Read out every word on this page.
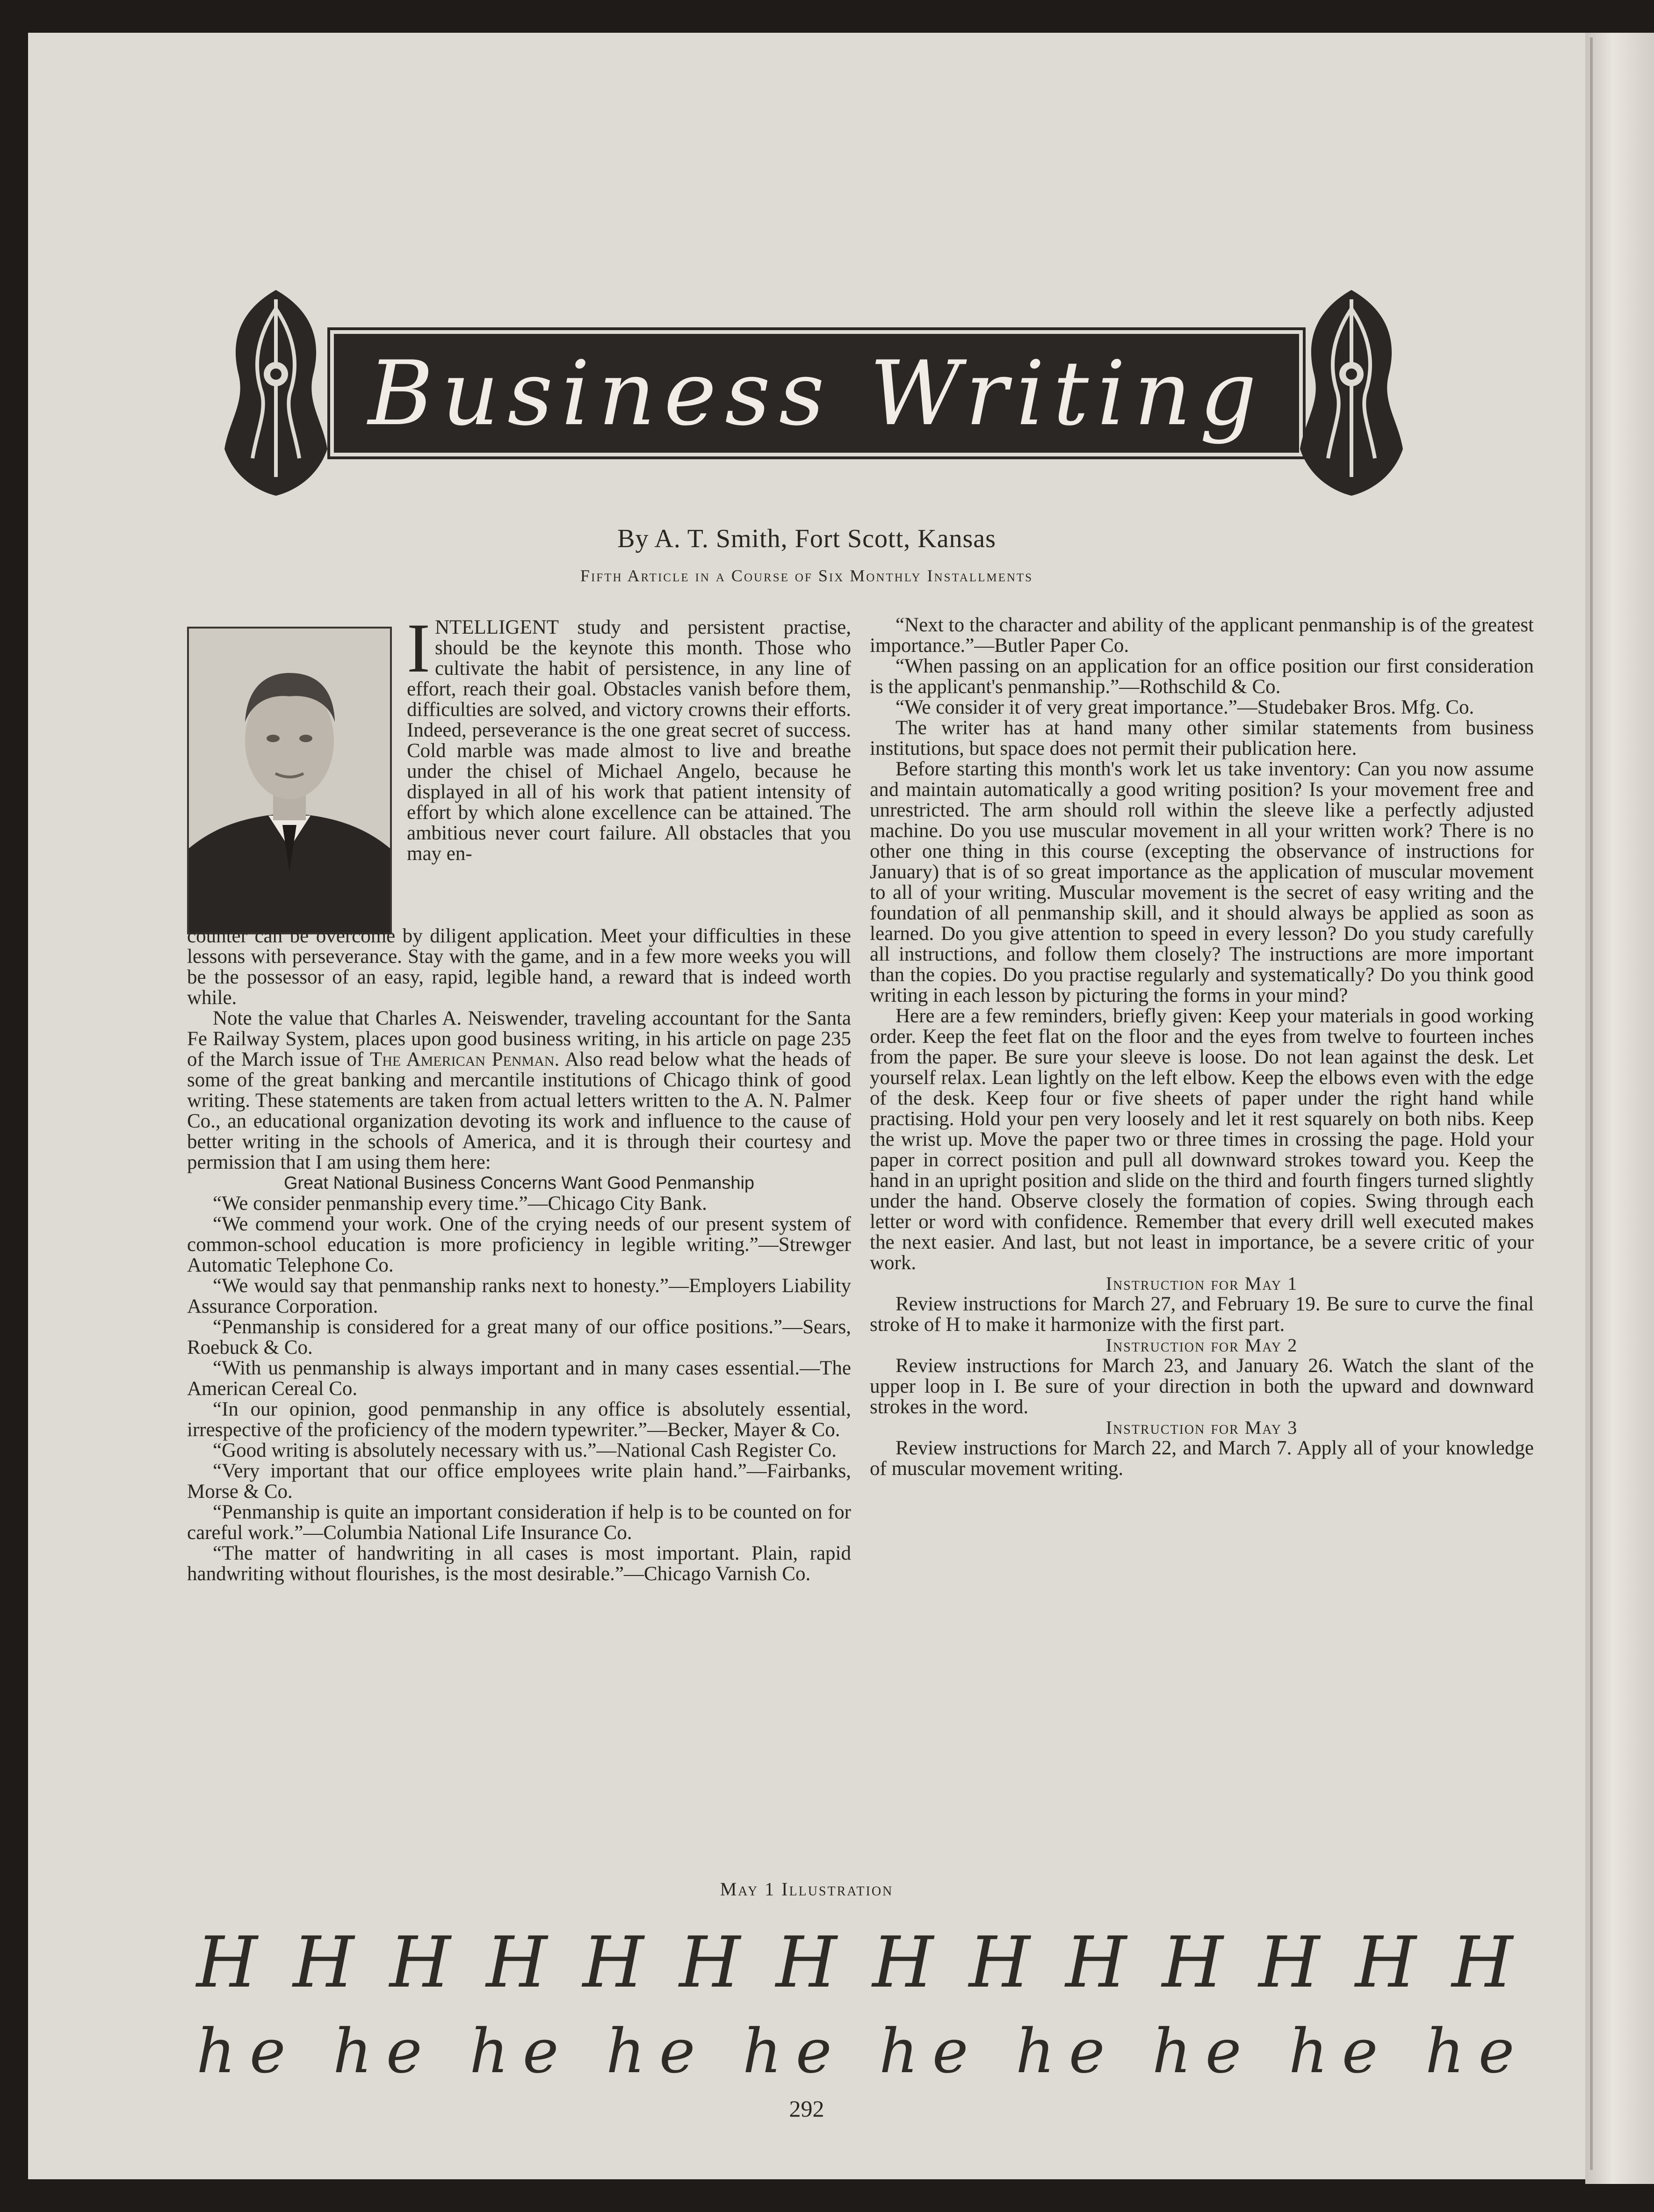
Business Writing
By A. T. Smith, Fort Scott, Kansas
Fifth Article in a Course of Six Monthly Installments

INTELLIGENT study and persistent practise, should be the keynote this month. Those who cultivate the habit of persistence, in any line of effort, reach their goal. Obstacles vanish before them, difficulties are solved, and victory crowns their efforts. Indeed, perseverance is the one great secret of success. Cold marble was made almost to live and breathe under the chisel of Michael Angelo, because he displayed in all of his work that patient intensity of effort by which alone excellence can be attained. The ambitious never court failure. All obstacles that you may en-

counter can be overcome by diligent application. Meet your difficulties in these lessons with perseverance. Stay with the game, and in a few more weeks you will be the possessor of an easy, rapid, legible hand, a reward that is indeed worth while.

Note the value that Charles A. Neiswender, traveling accountant for the Santa Fe Railway System, places upon good business writing, in his article on page 235 of the March issue of The American Penman. Also read below what the heads of some of the great banking and mercantile institutions of Chicago think of good writing. These statements are taken from actual letters written to the A. N. Palmer Co., an educational organization devoting its work and influence to the cause of better writing in the schools of America, and it is through their courtesy and permission that I am using them here:

Great National Business Concerns Want Good Penmanship

“We consider penmanship every time.”—Chicago City Bank.

“We commend your work. One of the crying needs of our present system of common-school education is more proficiency in legible writing.”—Strewger Automatic Telephone Co.

“We would say that penmanship ranks next to honesty.”—Employers Liability Assurance Corporation.

“Penmanship is considered for a great many of our office positions.”—Sears, Roebuck & Co.

“With us penmanship is always important and in many cases essential.—The American Cereal Co.

“In our opinion, good penmanship in any office is absolutely essential, irrespective of the proficiency of the modern typewriter.”—Becker, Mayer & Co.

“Good writing is absolutely necessary with us.”—National Cash Register Co.

“Very important that our office employees write plain hand.”—Fairbanks, Morse & Co.

“Penmanship is quite an important consideration if help is to be counted on for careful work.”—Columbia National Life Insurance Co.

“The matter of handwriting in all cases is most important. Plain, rapid handwriting without flourishes, is the most desirable.”—Chicago Varnish Co.

“Next to the character and ability of the applicant penmanship is of the greatest importance.”—Butler Paper Co.

“When passing on an application for an office position our first consideration is the applicant's penmanship.”—Rothschild & Co.

“We consider it of very great importance.”—Studebaker Bros. Mfg. Co.

The writer has at hand many other similar statements from business institutions, but space does not permit their publication here.

Before starting this month's work let us take inventory: Can you now assume and maintain automatically a good writing position? Is your movement free and unrestricted. The arm should roll within the sleeve like a perfectly adjusted machine. Do you use muscular movement in all your written work? There is no other one thing in this course (excepting the observance of instructions for January) that is of so great importance as the application of muscular movement to all of your writing. Muscular movement is the secret of easy writing and the foundation of all penmanship skill, and it should always be applied as soon as learned. Do you give attention to speed in every lesson? Do you study carefully all instructions, and follow them closely? The instructions are more important than the copies. Do you practise regularly and systematically? Do you think good writing in each lesson by picturing the forms in your mind?

Here are a few reminders, briefly given: Keep your materials in good working order. Keep the feet flat on the floor and the eyes from twelve to fourteen inches from the paper. Be sure your sleeve is loose. Do not lean against the desk. Let yourself relax. Lean lightly on the left elbow. Keep the elbows even with the edge of the desk. Keep four or five sheets of paper under the right hand while practising. Hold your pen very loosely and let it rest squarely on both nibs. Keep the wrist up. Move the paper two or three times in crossing the page. Hold your paper in correct position and pull all downward strokes toward you. Keep the hand in an upright position and slide on the third and fourth fingers turned slightly under the hand. Observe closely the formation of copies. Swing through each letter or word with confidence. Remember that every drill well executed makes the next easier. And last, but not least in importance, be a severe critic of your work.

Instruction for May 1

Review instructions for March 27, and February 19. Be sure to curve the final stroke of H to make it harmonize with the first part.

Instruction for May 2

Review instructions for March 23, and January 26. Watch the slant of the upper loop in I. Be sure of your direction in both the upward and downward strokes in the word.

Instruction for May 3

Review instructions for March 22, and March 7. Apply all of your knowledge of muscular movement writing.

May 1 Illustration
H H H H H H H H H H H H H H
he he he he he he he he he he
292
